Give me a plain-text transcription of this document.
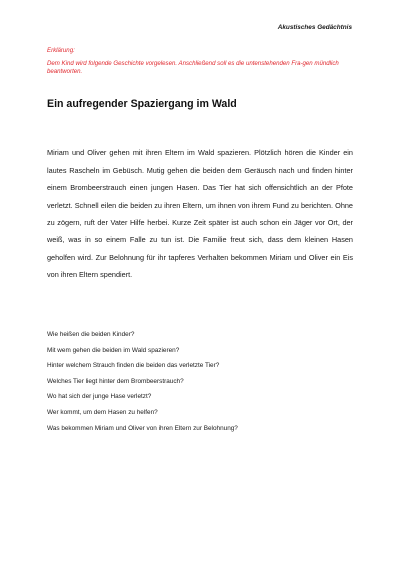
Akustisches Gedächtnis
Erklärung:
Dem Kind wird folgende Geschichte vorgelesen. Anschließend soll es die untenstehenden Fra-gen mündlich beantworten.
Ein aufregender Spaziergang im Wald

Miriam und Oliver gehen mit ihren Eltern im Wald spazieren. Plötzlich hören die Kinder ein lautes Rascheln im Gebüsch. Mutig gehen die beiden dem Geräusch nach und finden hinter einem Brombeerstrauch einen jungen Hasen. Das Tier hat sich offensichtlich an der Pfote verletzt. Schnell eilen die beiden zu ihren Eltern, um ihnen von ihrem Fund zu berichten. Ohne zu zögern, ruft der Vater Hilfe herbei. Kurze Zeit später ist auch schon ein Jäger vor Ort, der weiß, was in so einem Falle zu tun ist. Die Familie freut sich, dass dem kleinen Hasen geholfen wird. Zur Belohnung für ihr tapferes Verhalten bekommen Miriam und Oliver ein Eis von ihren Eltern spendiert.

Wie heißen die beiden Kinder?
Mit wem gehen die beiden im Wald spazieren?
Hinter welchem Strauch finden die beiden das verletzte Tier?
Welches Tier liegt hinter dem Brombeerstrauch?
Wo hat sich der junge Hase verletzt?
Wer kommt, um dem Hasen zu helfen?
Was bekommen Miriam und Oliver von ihren Eltern zur Belohnung?
